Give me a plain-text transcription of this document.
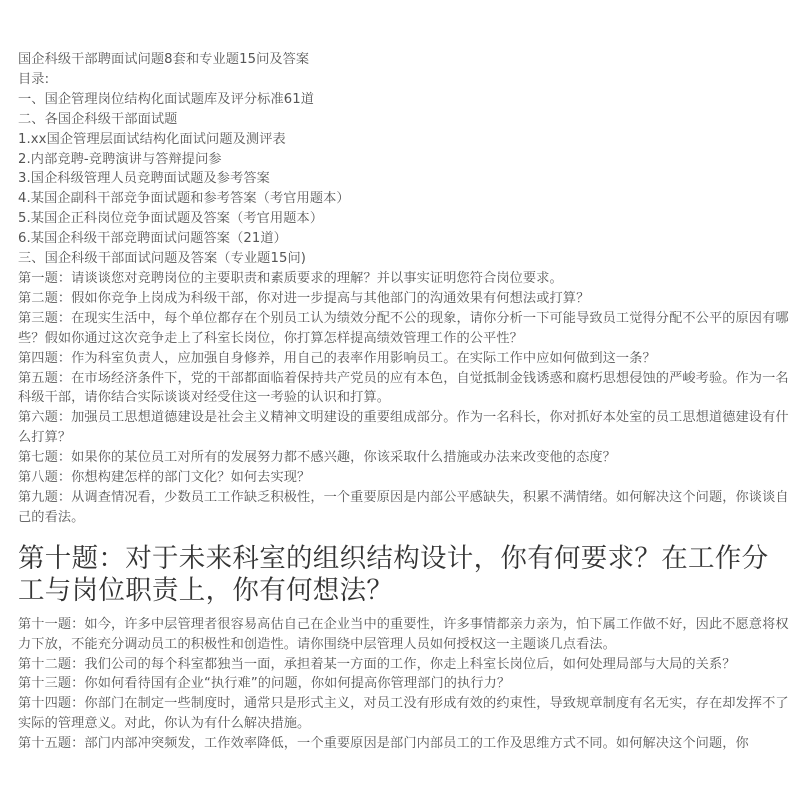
国企科级干部聘面试问题8套和专业题15问及答案
目录:
一、国企管理岗位结构化面试题库及评分标准61道
二、各国企科级干部面试题
1.xx国企管理层面试结构化面试问题及测评表
2.内部竞聘-竞聘演讲与答辩提问参
3.国企科级管理人员竞聘面试题及参考答案
4.某国企副科干部竞争面试题和参考答案（考官用题本）
5.某国企正科岗位竞争面试题及答案（考官用题本）
6.某国企科级干部竞聘面试问题答案（21道）
三、国企科级干部面试问题及答案（专业题15问)
第一题：请谈谈您对竞聘岗位的主要职责和素质要求的理解？并以事实证明您符合岗位要求。
第二题：假如你竞争上岗成为科级干部，你对进一步提高与其他部门的沟通效果有何想法或打算？
第三题：在现实生活中，每个单位都存在个别员工认为绩效分配不公的现象，请你分析一下可能导致员工觉得分配不公平的原因有哪些？假如你通过这次竞争走上了科室长岗位，你打算怎样提高绩效管理工作的公平性？
第四题：作为科室负责人，应加强自身修养，用自己的表率作用影响员工。在实际工作中应如何做到这一条？
第五题：在市场经济条件下，党的干部都面临着保持共产党员的应有本色，自觉抵制金钱诱惑和腐朽思想侵蚀的严峻考验。作为一名科级干部，请你结合实际谈谈对经受住这一考验的认识和打算。
第六题：加强员工思想道德建设是社会主义精神文明建设的重要组成部分。作为一名科长，你对抓好本处室的员工思想道德建设有什么打算？
第七题：如果你的某位员工对所有的发展努力都不感兴趣，你该采取什么措施或办法来改变他的态度？
第八题：你想构建怎样的部门文化？如何去实现？
第九题：从调查情况看，少数员工工作缺乏积极性，一个重要原因是内部公平感缺失，积累不满情绪。如何解决这个问题，你谈谈自己的看法。
第十题：对于未来科室的组织结构设计，你有何要求？在工作分工与岗位职责上，你有何想法？
第十一题：如今，许多中层管理者很容易高估自己在企业当中的重要性，许多事情都亲力亲为，怕下属工作做不好，因此不愿意将权力下放，不能充分调动员工的积极性和创造性。请你围绕中层管理人员如何授权这一主题谈几点看法。
第十二题：我们公司的每个科室都独当一面，承担着某一方面的工作，你走上科室长岗位后，如何处理局部与大局的关系？
第十三题：你如何看待国有企业“执行难”的问题，你如何提高你管理部门的执行力？
第十四题：你部门在制定一些制度时，通常只是形式主义，对员工没有形成有效的约束性，导致规章制度有名无实，存在却发挥不了实际的管理意义。对此，你认为有什么解决措施。
第十五题：部门内部冲突频发，工作效率降低，一个重要原因是部门内部员工的工作及思维方式不同。如何解决这个问题，你
